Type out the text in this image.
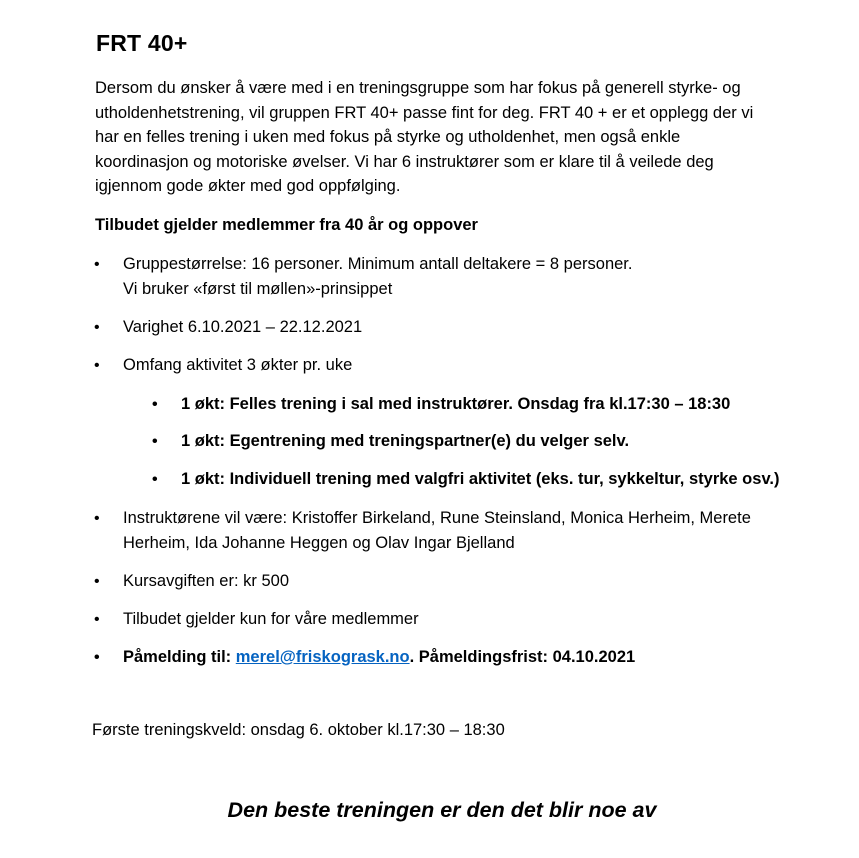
FRT 40+
Dersom du ønsker å være med i en treningsgruppe som har fokus på generell styrke- og
utholdenhetstrening, vil gruppen FRT 40+ passe fint for deg. FRT 40 + er et opplegg der vi
har en felles trening i uken med fokus på styrke og utholdenhet, men også enkle
koordinasjon og motoriske øvelser. Vi har 6 instruktører som er klare til å veilede deg
igjennom gode økter med god oppfølging.
Tilbudet gjelder medlemmer fra 40 år og oppover
•	Gruppestørrelse: 16 personer. Minimum antall deltakere = 8 personer.
Vi bruker «først til møllen»-prinsippet
•	Varighet 6.10.2021 – 22.12.2021
•	Omfang aktivitet 3 økter pr. uke
•	1 økt: Felles trening i sal med instruktører. Onsdag fra kl.17:30 – 18:30
•	1 økt: Egentrening med treningspartner(e) du velger selv.
•	1 økt: Individuell trening med valgfri aktivitet (eks. tur, sykkeltur, styrke osv.)
•	Instruktørene vil være: Kristoffer Birkeland, Rune Steinsland, Monica Herheim, Merete
Herheim, Ida Johanne Heggen og Olav Ingar Bjelland
•	Kursavgiften er: kr 500
•	Tilbudet gjelder kun for våre medlemmer
•	Påmelding til: merel@friskogrask.no. Påmeldingsfrist: 04.10.2021
Første treningskveld: onsdag 6. oktober kl.17:30 – 18:30
Den beste treningen er den det blir noe av
